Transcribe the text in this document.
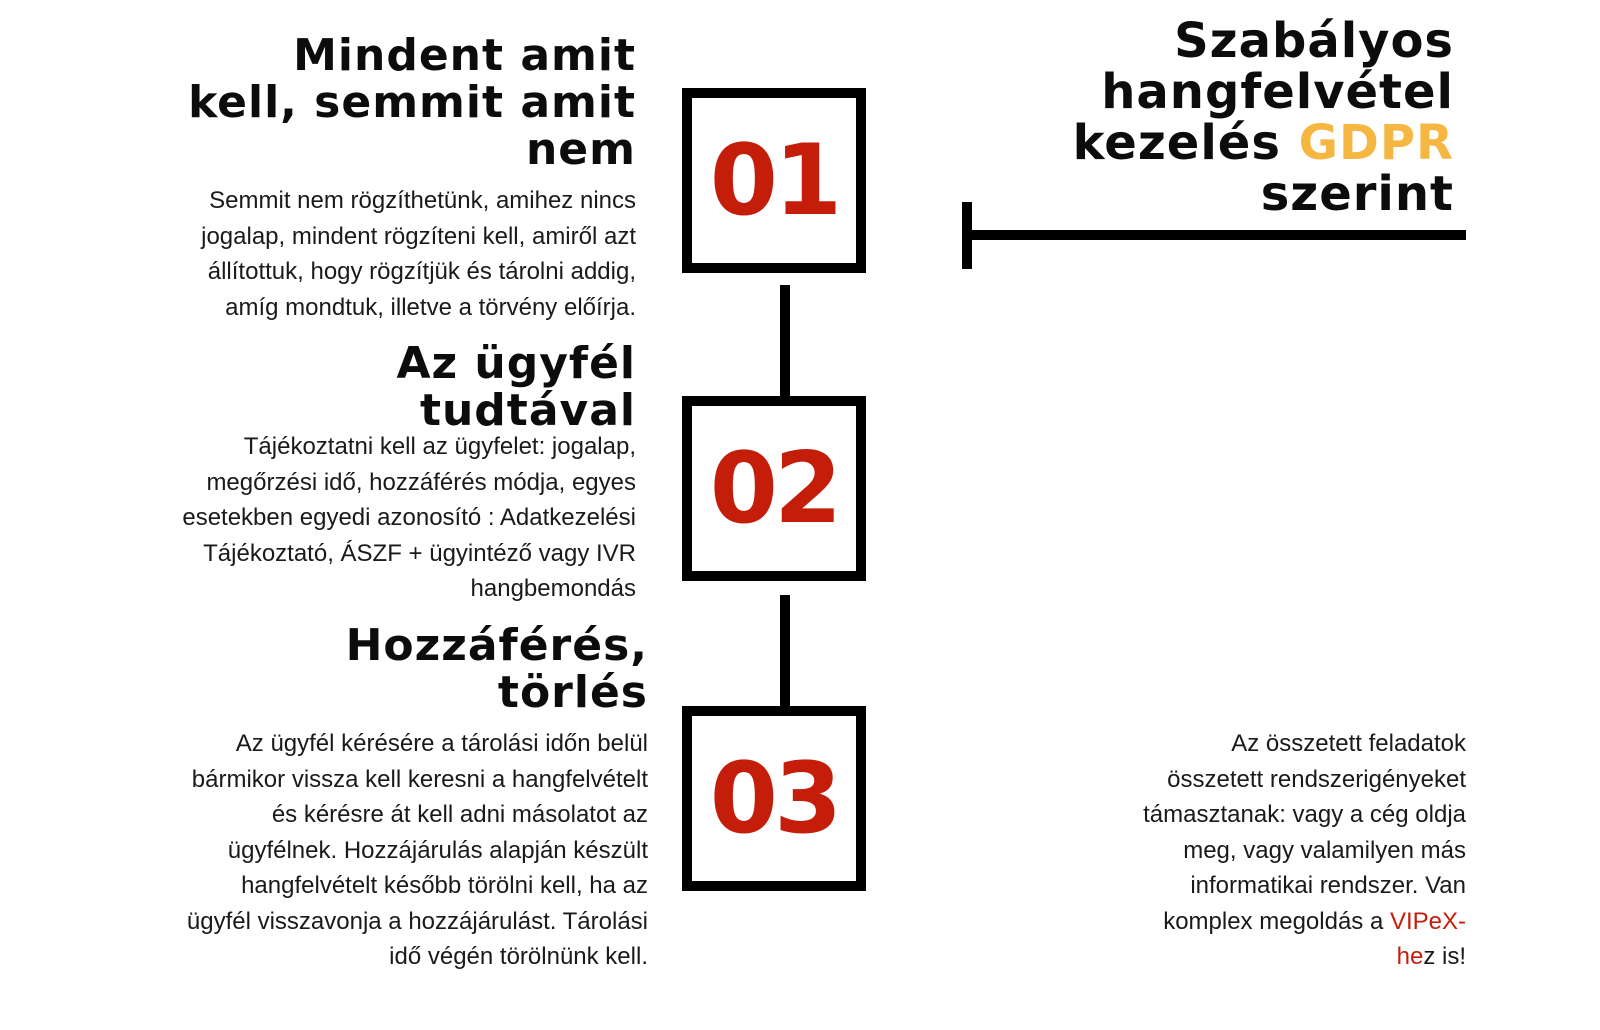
01
02
03
Mindent amit
kell, semmit amit
nem
Semmit nem rögzíthetünk, amihez nincs
jogalap, mindent rögzíteni kell, amiről azt
állítottuk, hogy rögzítjük és tárolni addig,
amíg mondtuk, illetve a törvény előírja.
Az ügyfél
tudtával
Tájékoztatni kell az ügyfelet: jogalap,
megőrzési idő, hozzáférés módja, egyes
esetekben egyedi azonosító : Adatkezelési
Tájékoztató, ÁSZF + ügyintéző vagy IVR
hangbemondás
Hozzáférés,
törlés
Az ügyfél kérésére a tárolási időn belül
bármikor vissza kell keresni a hangfelvételt
és kérésre át kell adni másolatot az
ügyfélnek. Hozzájárulás alapján készült
hangfelvételt később törölni kell, ha az
ügyfél visszavonja a hozzájárulást. Tárolási
idő végén törölnünk kell.
Szabályos
hangfelvétel
kezelés GDPR
szerint
Az összetett feladatok
összetett rendszerigényeket
támasztanak: vagy a cég oldja
meg, vagy valamilyen más
informatikai rendszer. Van
komplex megoldás a VIPeX-
hez is!
